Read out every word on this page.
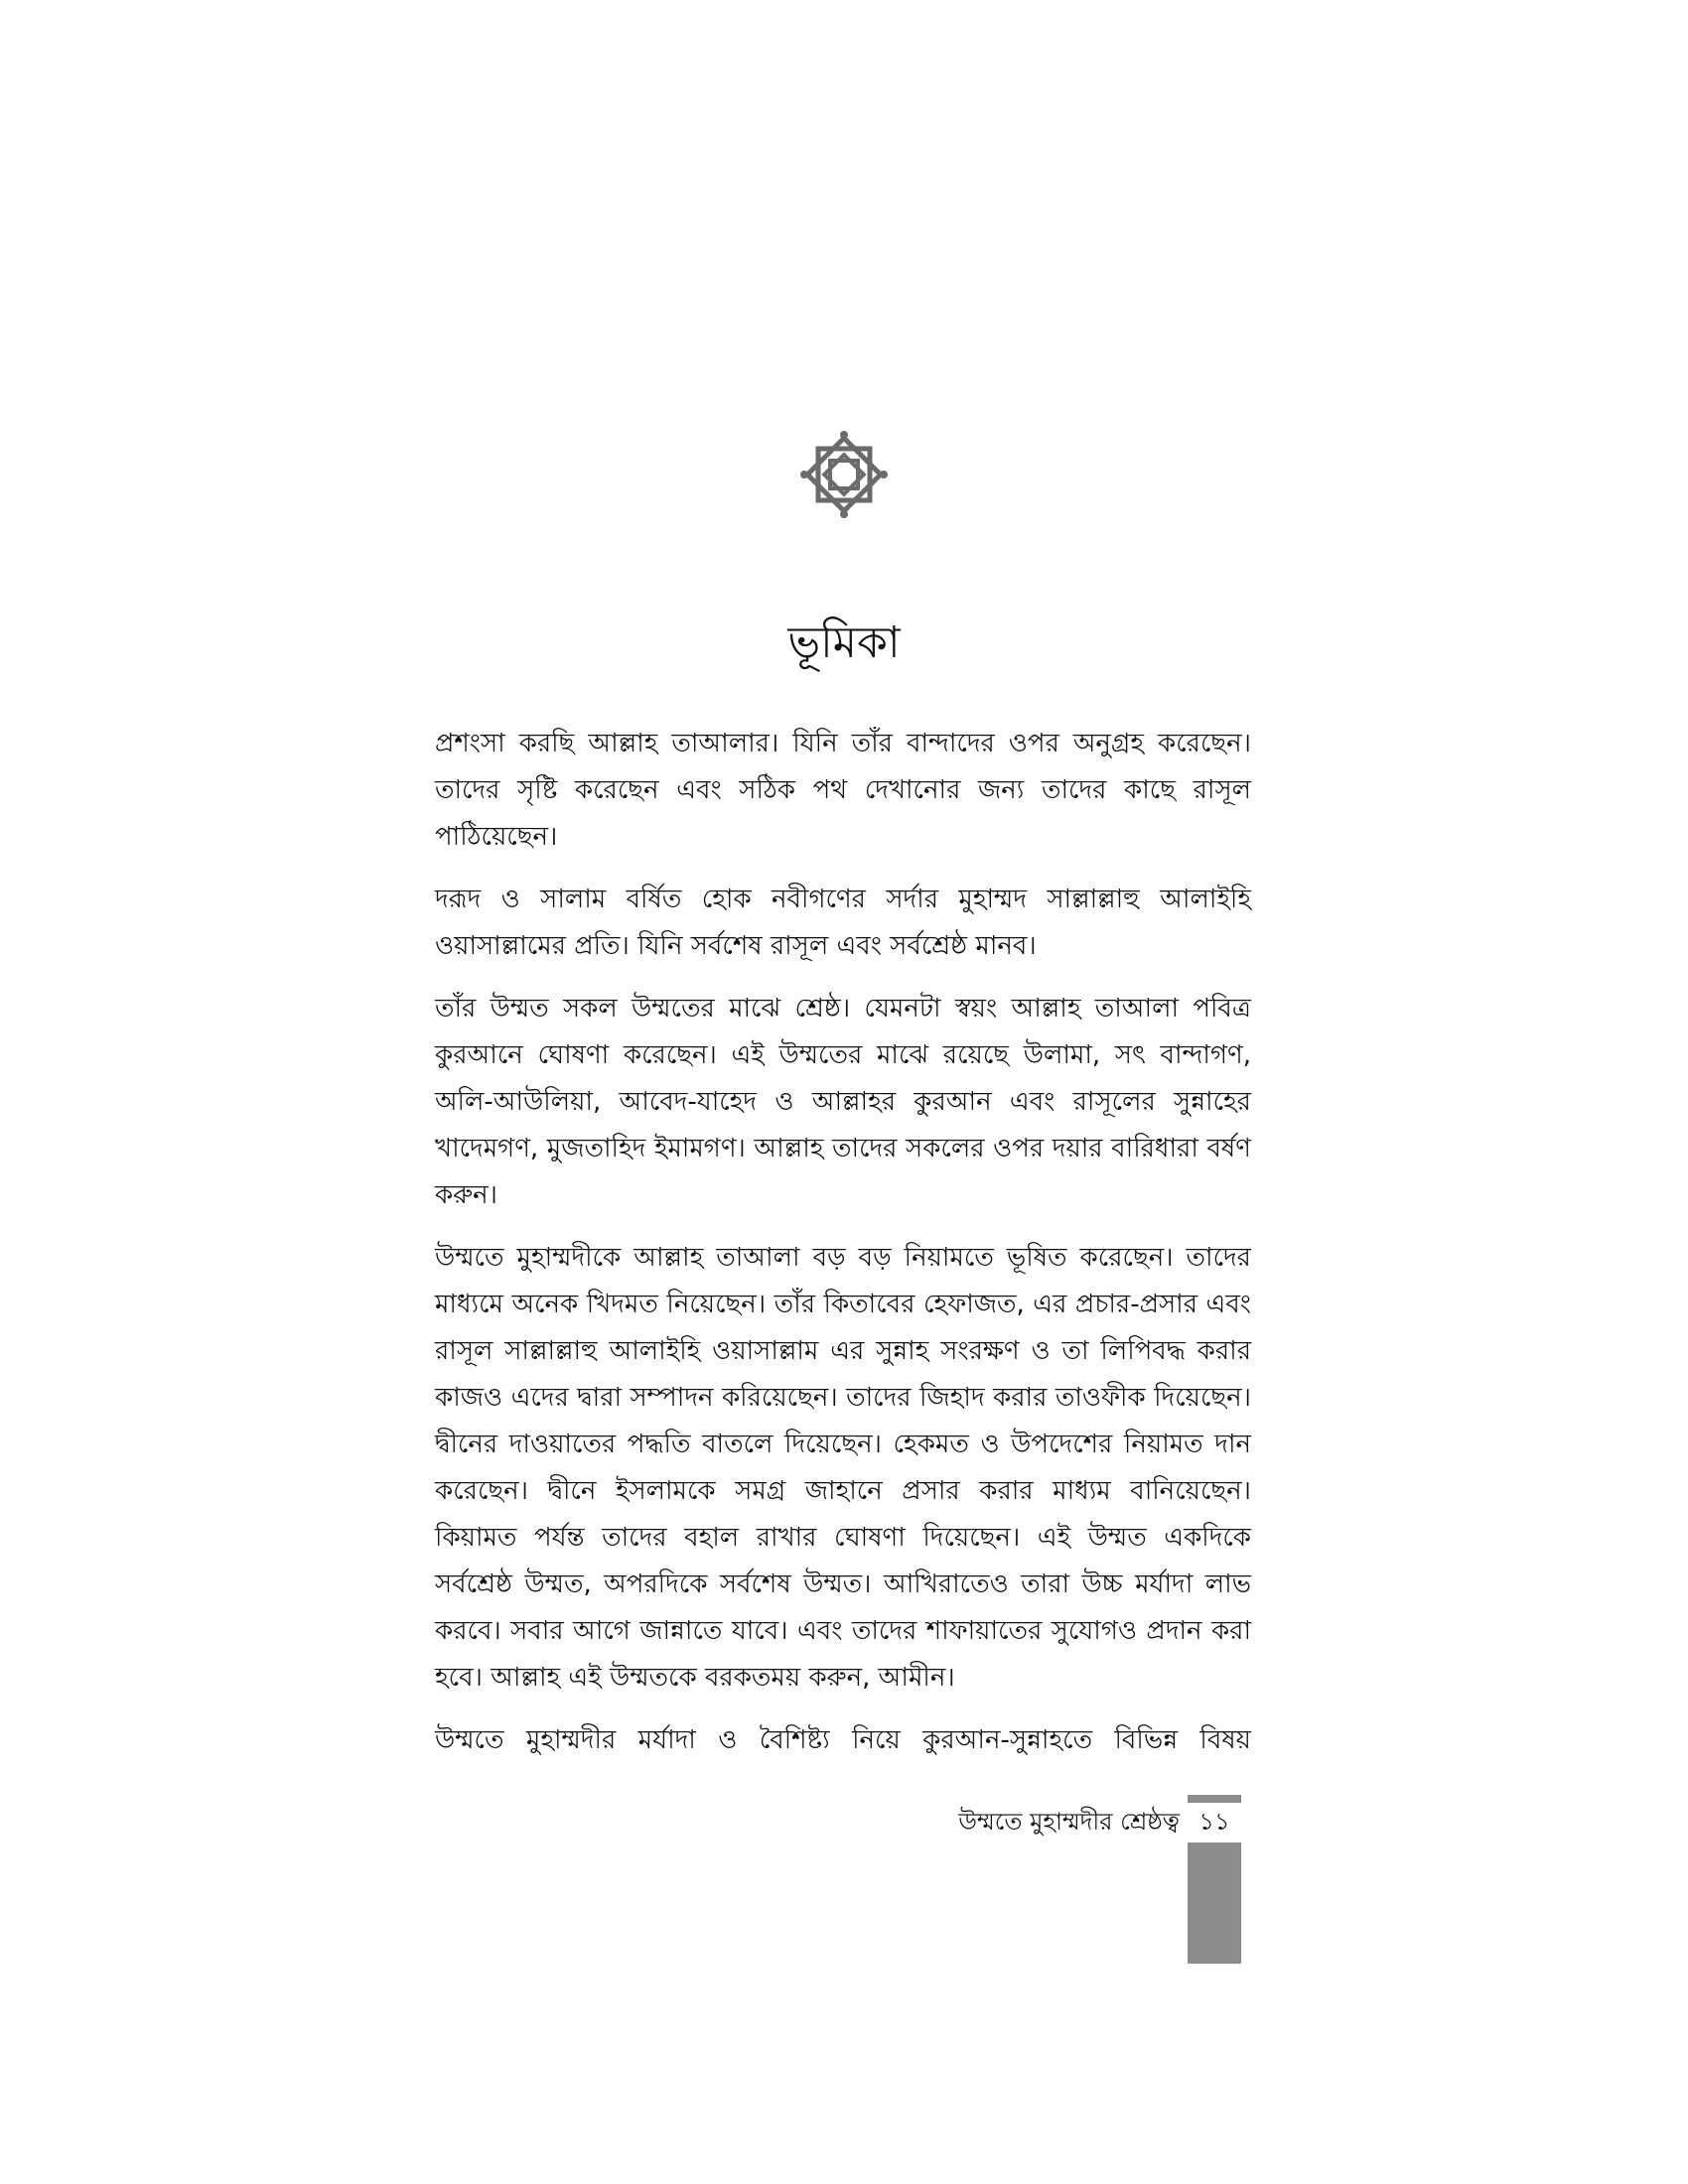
ভূমিকা

প্রশংসা করছি আল্লাহ তাআলার। যিনি তাঁর বান্দাদের ওপর অনুগ্রহ করেছেন। তাদের সৃষ্টি করেছেন এবং সঠিক পথ দেখানোর জন্য তাদের কাছে রাসূল পাঠিয়েছেন।

দরূদ ও সালাম বর্ষিত হোক নবীগণের সর্দার মুহাম্মদ সাল্লাল্লাহু আলাইহি ওয়াসাল্লামের প্রতি। যিনি সর্বশেষ রাসূল এবং সর্বশ্রেষ্ঠ মানব।

তাঁর উম্মত সকল উম্মতের মাঝে শ্রেষ্ঠ। যেমনটা স্বয়ং আল্লাহ তাআলা পবিত্র কুরআনে ঘোষণা করেছেন। এই উম্মতের মাঝে রয়েছে উলামা, সৎ বান্দাগণ, অলি-আউলিয়া, আবেদ-যাহেদ ও আল্লাহর কুরআন এবং রাসূলের সুন্নাহের খাদেমগণ, মুজতাহিদ ইমামগণ। আল্লাহ তাদের সকলের ওপর দয়ার বারিধারা বর্ষণ করুন।

উম্মতে মুহাম্মদীকে আল্লাহ তাআলা বড় বড় নিয়ামতে ভূষিত করেছেন। তাদের মাধ্যমে অনেক খিদমত নিয়েছেন। তাঁর কিতাবের হেফাজত, এর প্রচার-প্রসার এবং রাসূল সাল্লাল্লাহু আলাইহি ওয়াসাল্লাম এর সুন্নাহ সংরক্ষণ ও তা লিপিবদ্ধ করার কাজও এদের দ্বারা সম্পাদন করিয়েছেন। তাদের জিহাদ করার তাওফীক দিয়েছেন। দ্বীনের দাওয়াতের পদ্ধতি বাতলে দিয়েছেন। হেকমত ও উপদেশের নিয়ামত দান করেছেন। দ্বীনে ইসলামকে সমগ্র জাহানে প্রসার করার মাধ্যম বানিয়েছেন। কিয়ামত পর্যন্ত তাদের বহাল রাখার ঘোষণা দিয়েছেন। এই উম্মত একদিকে সর্বশ্রেষ্ঠ উম্মত, অপরদিকে সর্বশেষ উম্মত। আখিরাতেও তারা উচ্চ মর্যাদা লাভ করবে। সবার আগে জান্নাতে যাবে। এবং তাদের শাফায়াতের সুযোগও প্রদান করা হবে। আল্লাহ এই উম্মতকে বরকতময় করুন, আমীন।

উম্মতে মুহাম্মদীর মর্যাদা ও বৈশিষ্ট্য নিয়ে কুরআন-সুন্নাহতে বিভিন্ন বিষয়

উম্মতে মুহাম্মদীর শ্রেষ্ঠত্ব ১১
